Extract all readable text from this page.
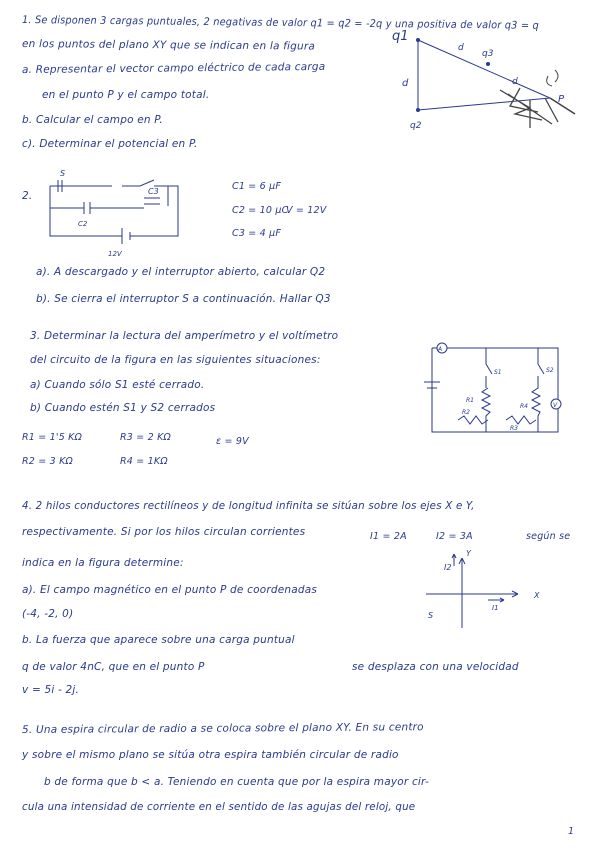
1. Se disponen 3 cargas puntuales, 2 negativas de valor q1 = q2 = -2q y una positiva de valor q3 = q
en los puntos del plano XY que se indican en la figura
a. Representar el vector campo eléctrico de cada carga
en el punto P y el campo total.
b. Calcular el campo en P.
c). Determinar el potencial en P.
q1
q2
q3
d
d	d
P
2.
S
C3
C2
12V
C1 = 6 μF
C2 = 10 μC
V = 12V
C3 = 4 μF
a). A descargado y el interruptor abierto, calcular Q2
b). Se cierra el interruptor S a continuación. Hallar Q3
3. Determinar la lectura del amperímetro y el voltímetro
del circuito de la figura en las siguientes situaciones:
a) Cuando sólo S1 esté cerrado.
b) Cuando estén S1 y S2 cerrados
R1 = 1'5 KΩ	R3 = 2 KΩ	ε = 9V
R2 = 3 KΩ	R4 = 1KΩ
A
V
S1	S2
R1
R4
R2
R3
4. 2 hilos conductores rectilíneos y de longitud infinita se sitúan sobre los ejes X e Y,
respectivamente. Si por los hilos circulan corrientes	I1 = 2A	I2 = 3A	según se
indica en la figura determine:
a). El campo magnético en el punto P de coordenadas
(-4, -2, 0)
b. La fuerza que aparece sobre una carga puntual
q de valor 4nC, que en el punto P	se desplaza con una velocidad
v = 5i - 2j.
Y
X
I2
I1
S
5. Una espira circular de radio a se coloca sobre el plano XY. En su centro
y sobre el mismo plano se sitúa otra espira también circular de radio
b de forma que b < a. Teniendo en cuenta que por la espira mayor cir-
cula una intensidad de corriente en el sentido de las agujas del reloj, que
1
